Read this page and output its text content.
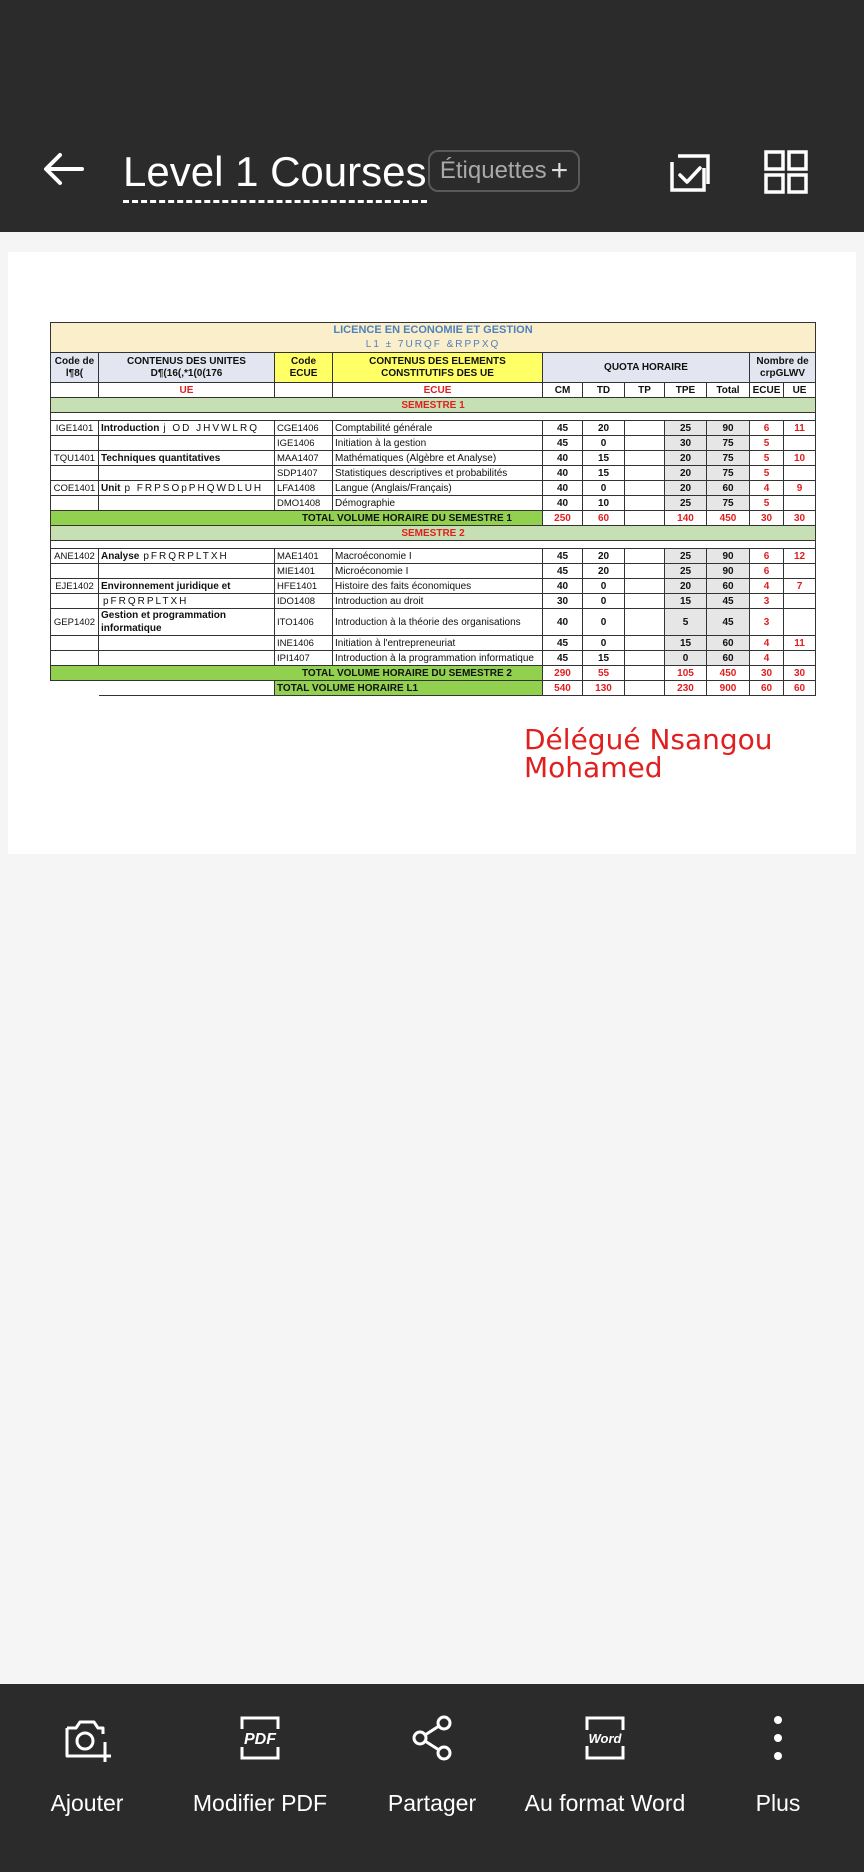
Level 1 Courses Étiquettes +
LICENCE EN ECONOMIE ET GESTION										
L1 ± 7URQF &RPPXQ										
Code de l¶8(	CONTENUS DES UNITES D¶(16(,*1(0(176	Code ECUE	CONTENUS DES ELEMENTS CONSTITUTIFS DES UE	QUOTA HORAIRE					Nombre de crpGLWV	
	UE		ECUE	CM	TD	TP	TPE	Total	ECUE	UE
SEMESTRE 1										

IGE1401	Introduction j OD JHVWLRQ	CGE1406	Comptabilité générale	45	20		25	90	6	11
		IGE1406	Initiation à la gestion	45	0		30	75	5	
TQU1401	Techniques quantitatives	MAA1407	Mathématiques (Algèbre et Analyse)	40	15		20	75	5	10
		SDP1407	Statistiques descriptives et probabilités	40	15		20	75	5	
COE1401	Unit p FRPSOpPHQWDLUH	LFA1408	Langue (Anglais/Français)	40	0		20	60	4	9
		DMO1408	Démographie	40	10		25	75	5	
TOTAL VOLUME HORAIRE DU SEMESTRE 1				250	60		140	450	30	30
SEMESTRE 2										

ANE1402	Analyse pFRQRPLTXH	MAE1401	Macroéconomie I	45	20		25	90	6	12
		MIE1401	Microéconomie I	45	20		25	90	6	
EJE1402	Environnement juridique et	HFE1401	Histoire des faits économiques	40	0		20	60	4	7
	pFRQRPLTXH	IDO1408	Introduction au droit	30	0		15	45	3	
GEP1402	Gestion et programmation informatique	ITO1406	Introduction à la théorie des organisations	40	0		5	45	3	
		INE1406	Initiation à l'entrepreneuriat	45	0		15	60	4	11
		IPI1407	Introduction à la programmation informatique	45	15		0	60	4	
TOTAL VOLUME HORAIRE DU SEMESTRE 2				290	55		105	450	30	30
		TOTAL VOLUME HORAIRE L1		540	130		230	900	60	60
Délégué Nsangou
Mohamed
Ajouter
PDF
Modifier PDF	Partager
Word
Au format Word	Plus
